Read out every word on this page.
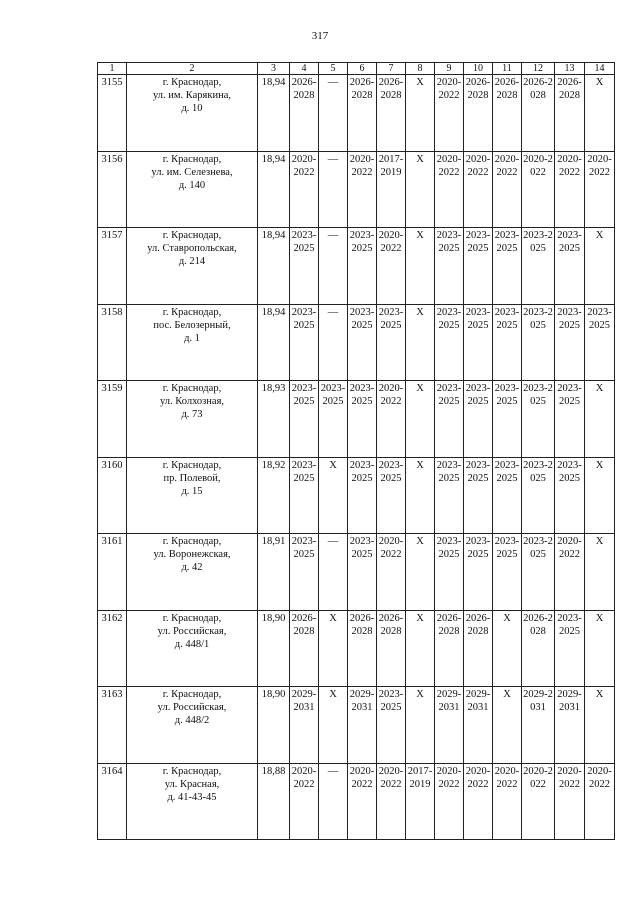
317
1	2	3	4	5	6	7	8	9	10	11	12	13	14
3155	г. Краснодар,
ул. им. Карякина,
д. 10	18,94	2026-2028	—	2026-2028	2026-2028	Х	2020-2022	2026-2028	2026-2028	2026-2028	2026-2028	Х
3156	г. Краснодар,
ул. им. Селезнева,
д. 140	18,94	2020-2022	—	2020-2022	2017-2019	Х	2020-2022	2020-2022	2020-2022	2020-2022	2020-2022	2020-2022
3157	г. Краснодар,
ул. Ставропольская,
д. 214	18,94	2023-2025	—	2023-2025	2020-2022	Х	2023-2025	2023-2025	2023-2025	2023-2025	2023-2025	Х
3158	г. Краснодар,
пос. Белозерный,
д. 1	18,94	2023-2025	—	2023-2025	2023-2025	Х	2023-2025	2023-2025	2023-2025	2023-2025	2023-2025	2023-2025
3159	г. Краснодар,
ул. Колхозная,
д. 73	18,93	2023-2025	2023-2025	2023-2025	2020-2022	Х	2023-2025	2023-2025	2023-2025	2023-2025	2023-2025	Х
3160	г. Краснодар,
пр. Полевой,
д. 15	18,92	2023-2025	Х	2023-2025	2023-2025	Х	2023-2025	2023-2025	2023-2025	2023-2025	2023-2025	Х
3161	г. Краснодар,
ул. Воронежская,
д. 42	18,91	2023-2025	—	2023-2025	2020-2022	Х	2023-2025	2023-2025	2023-2025	2023-2025	2020-2022	Х
3162	г. Краснодар,
ул. Российская,
д. 448/1	18,90	2026-2028	Х	2026-2028	2026-2028	Х	2026-2028	2026-2028	Х	2026-2028	2023-2025	Х
3163	г. Краснодар,
ул. Российская,
д. 448/2	18,90	2029-2031	Х	2029-2031	2023-2025	Х	2029-2031	2029-2031	Х	2029-2031	2029-2031	Х
3164	г. Краснодар,
ул. Красная,
д. 41-43-45	18,88	2020-2022	—	2020-2022	2020-2022	2017-2019	2020-2022	2020-2022	2020-2022	2020-2022	2020-2022	2020-2022
